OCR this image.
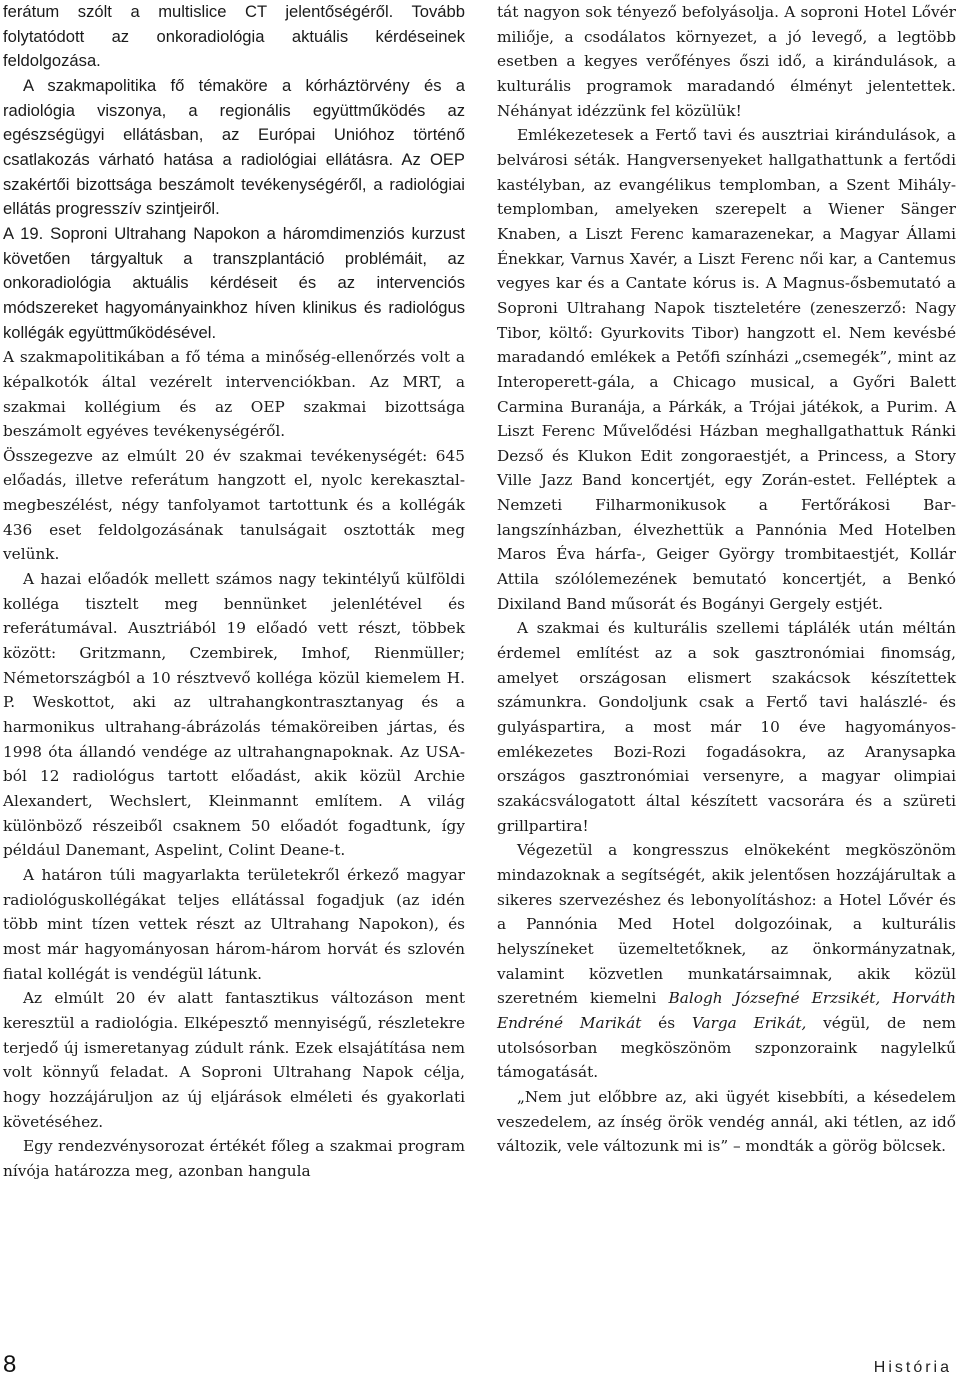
ferátum szólt a multislice CT jelentőségéről. Tovább folytatódott az onkoradiológia aktuális kérdéseinek feldolgozása.

A szakmapolitika fő témaköre a kórháztörvény és a radiológia viszonya, a regionális együttműködés az egészségügyi ellátásban, az Európai Unióhoz történő csatlakozás várható hatása a radiológiai ellátásra. Az OEP szakértői bizottsága beszámolt tevékenységéről, a radiológiai ellátás progresszív szintjeiről.

A 19. Soproni Ultrahang Napokon a háromdimenziós kurzust követően tárgyaltuk a transzplantáció problémáit, az onkoradiológia aktuális kérdéseit és az intervenciós módszereket hagyományainkhoz híven klinikus és radiológus kollégák együttműködésével.

A szakmapolitikában a fő téma a minőség-ellenőrzés volt a képalkotók által vezérelt intervenciókban. Az MRT, a szakmai kollégium és az OEP szakmai bizottsága beszámolt egyéves tevékenységéről.

Összegezve az elmúlt 20 év szakmai tevékenységét: 645 előadás, illetve referátum hangzott el, nyolc kerekasztal-megbeszélést, négy tanfolyamot tartottunk és a kollégák 436 eset feldolgozásának tanulságait osztották meg velünk.

A hazai előadók mellett számos nagy tekintélyű külföldi kolléga tisztelt meg bennünket jelenlétével és referátumával. Ausztriából 19 előadó vett részt, többek között: Gritzmann, Czembirek, Imhof, Rienmüller; Németországból a 10 résztvevő kolléga közül kiemelem H. P. Weskottot, aki az ultrahangkontrasztanyag és a harmonikus ultrahang-ábrázolás témaköreiben jártas, és 1998 óta állandó vendége az ultrahangnapoknak. Az USA-ból 12 radiológus tartott előadást, akik közül Archie Alexandert, Wechslert, Kleinmannt említem. A világ különböző részeiből csaknem 50 előadót fogadtunk, így például Danemant, Aspelint, Colint Deane-t.

A határon túli magyarlakta területekről érkező magyar radiológuskollégákat teljes ellátással fogadjuk (az idén több mint tízen vettek részt az Ultrahang Napokon), és most már hagyományosan három-három horvát és szlovén fiatal kollégát is vendégül látunk.

Az elmúlt 20 év alatt fantasztikus változáson ment keresztül a radiológia. Elképesztő mennyiségű, részletekre terjedő új ismeretanyag zúdult ránk. Ezek elsajátítása nem volt könnyű feladat. A Soproni Ultrahang Napok célja, hogy hozzájáruljon az új eljárások elméleti és gyakorlati követéséhez.

Egy rendezvénysorozat értékét főleg a szakmai program nívója határozza meg, azonban hangula

tát nagyon sok tényező befolyásolja. A soproni Hotel Lővér miliője, a csodálatos környezet, a jó levegő, a legtöbb esetben a kegyes verőfényes őszi idő, a kirándulások, a kulturális programok maradandó élményt jelentettek. Néhányat idézzünk fel közülük!

Emlékezetesek a Fertő tavi és ausztriai kirándulások, a belvárosi séták. Hangversenyeket hallgathattunk a fertődi kastélyban, az evangélikus templomban, a Szent Mihály-templomban, amelyeken szerepelt a Wiener Sänger Knaben, a Liszt Ferenc kamarazenekar, a Magyar Állami Énekkar, Varnus Xavér, a Liszt Ferenc női kar, a Cantemus vegyes kar és a Cantate kórus is. A Magnus-ősbemutató a Soproni Ultrahang Napok tiszteletére (zeneszerző: Nagy Tibor, költő: Gyurkovits Tibor) hangzott el. Nem kevésbé maradandó emlékek a Petőfi színházi „csemegék”, mint az Interoperett-gála, a Chicago musical, a Győri Balett Carmina Buranája, a Párkák, a Trójai játékok, a Purim. A Liszt Ferenc Művelődési Házban meghallgathattuk Ránki Dezső és Klukon Edit zongoraestjét, a Princess, a Story Ville Jazz Band koncertjét, egy Zorán-estet. Felléptek a Nemzeti Filharmonikusok a Fertőrákosi Barlangszínházban, élvezhettük a Pannónia Med Hotelben Maros Éva hárfa-, Geiger György trombitaestjét, Kollár Attila szólólemezének bemutató koncertjét, a Benkó Dixiland Band műsorát és Bogányi Gergely estjét.

A szakmai és kulturális szellemi táplálék után méltán érdemel említést az a sok gasztronómiai finomság, amelyet országosan elismert szakácsok készítettek számunkra. Gondoljunk csak a Fertő tavi halászlé- és gulyáspartira, a most már 10 éve hagyományos-emlékezetes Bozi-Rozi fogadásokra, az Aranysapka országos gasztronómiai versenyre, a magyar olimpiai szakácsválogatott által készített vacsorára és a szüreti grillpartira!

Végezetül a kongresszus elnökeként megköszönöm mindazoknak a segítségét, akik jelentősen hozzájárultak a sikeres szervezéshez és lebonyolításhoz: a Hotel Lővér és a Pannónia Med Hotel dolgozóinak, a kulturális helyszíneket üzemeltetőknek, az önkormányzatnak, valamint közvetlen munkatársaimnak, akik közül szeretném kiemelni Balogh Józsefné Erzsikét, Horváth Endréné Marikát és Varga Erikát, végül, de nem utolsósorban megköszönöm szponzoraink nagylelkű támogatását.

„Nem jut előbbre az, aki ügyét kisebbíti, a késedelem veszedelem, az ínség örök vendég annál, aki tétlen, az idő változik, vele változunk mi is” – mondták a görög bölcsek.

8	História
